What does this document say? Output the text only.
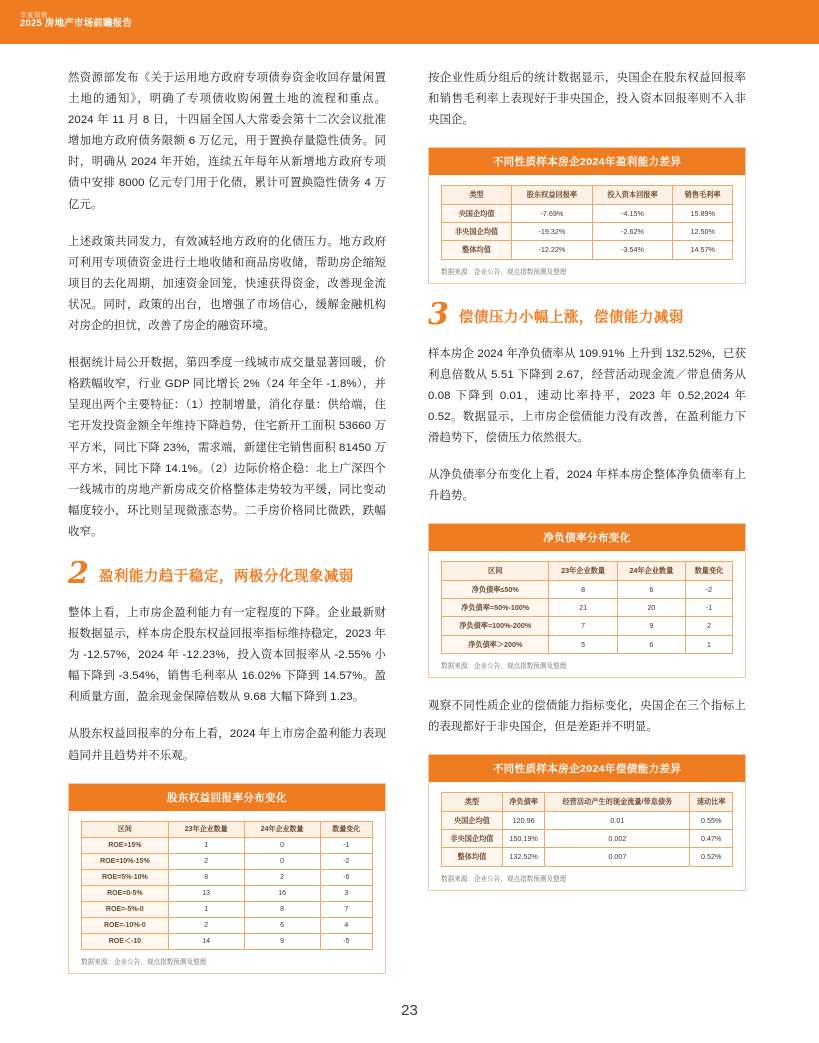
华夏指数
2025 房地产市场前瞻报告

然资源部发布《关于运用地方政府专项债券资金收回存量闲置土地的通知》，明确了专项债收购闲置土地的流程和重点。2024 年 11 月 8 日，十四届全国人大常委会第十二次会议批准增加地方政府债务限额 6 万亿元，用于置换存量隐性债务。同时，明确从 2024 年开始，连续五年每年从新增地方政府专项债中安排 8000 亿元专门用于化债，累计可置换隐性债务 4 万亿元。

上述政策共同发力，有效减轻地方政府的化债压力。地方政府可利用专项债资金进行土地收储和商品房收储，帮助房企缩短项目的去化周期，加速资金回笼，快速获得资金，改善现金流状况。同时，政策的出台，也增强了市场信心，缓解金融机构对房企的担忧，改善了房企的融资环境。

根据统计局公开数据，第四季度一线城市成交量显著回暖，价格跌幅收窄，行业 GDP 同比增长 2%（24 年全年 -1.8%），并呈现出两个主要特征：（1）控制增量，消化存量：供给端，住宅开发投资金额全年维持下降趋势，住宅新开工面积 53660 万平方米，同比下降 23%，需求端，新建住宅销售面积 81450 万平方米，同比下降 14.1%。（2）边际价格企稳：北上广深四个一线城市的房地产新房成交价格整体走势较为平缓，同比变动幅度较小，环比则呈现微涨态势。二手房价格同比微跌，跌幅收窄。

2 盈利能力趋于稳定，两极分化现象减弱

整体上看，上市房企盈利能力有一定程度的下降。企业最新财报数据显示，样本房企股东权益回报率指标维持稳定，2023 年为 -12.57%，2024 年 -12.23%，投入资本回报率从 -2.55% 小幅下降到 -3.54%，销售毛利率从 16.02% 下降到 14.57%。盈利质量方面，盈余现金保障倍数从 9.68 大幅下降到 1.23。

从股东权益回报率的分布上看，2024 年上市房企盈利能力表现趋同并且趋势并不乐观。

股东权益回报率分布变化
区间	23年企业数量	24年企业数量	数量变化
ROE>15%	1	0	-1
ROE=10%-15%	2	0	-2
ROE=5%-10%	8	2	-6
ROE=0-5%	13	16	3
ROE=-5%-0	1	8	7
ROE=-10%-0	2	6	4
ROE＜-10	14	9	-5
数据来源：企业公告、观点指数预测及整理

按企业性质分组后的统计数据显示，央国企在股东权益回报率和销售毛利率上表现好于非央国企，投入资本回报率则不入非央国企。

不同性质样本房企2024年盈利能力差异
类型	股东权益回报率	投入资本回报率	销售毛利率
央国企均值	-7.69%	-4.15%	15.89%
非央国企均值	-19.32%	-2.62%	12.50%
整体均值	-12.22%	-3.54%	14.57%
数据来源：企业公告、观点指数预测及整理
3 偿债压力小幅上涨，偿债能力减弱

样本房企 2024 年净负债率从 109.91% 上升到 132.52%，已获利息倍数从 5.51 下降到 2.67，经营活动现金流／带息债务从 0.08 下降到 0.01，速动比率持平，2023 年 0.52,2024 年 0.52。数据显示，上市房企偿债能力没有改善，在盈利能力下滑趋势下，偿债压力依然很大。

从净负债率分布变化上看，2024 年样本房企整体净负债率有上升趋势。

净负债率分布变化
区间	23年企业数量	24年企业数量	数量变化
净负债率≤50%	8	6	-2
净负债率=50%-100%	21	20	-1
净负债率=100%-200%	7	9	2
净负债率＞200%	5	6	1
数据来源：企业公告、观点指数预测及整理

观察不同性质企业的偿债能力指标变化，央国企在三个指标上的表现都好于非央国企，但是差距并不明显。

不同性质样本房企2024年偿债能力差异
类型	净负债率	经营活动产生的现金流量/带息债务	速动比率
央国企均值	120.96	0.01	0.55%
非央国企均值	150.19%	0.002	0.47%
整体均值	132.52%	0.007	0.52%
数据来源：企业公告、观点指数预测及整理
23
